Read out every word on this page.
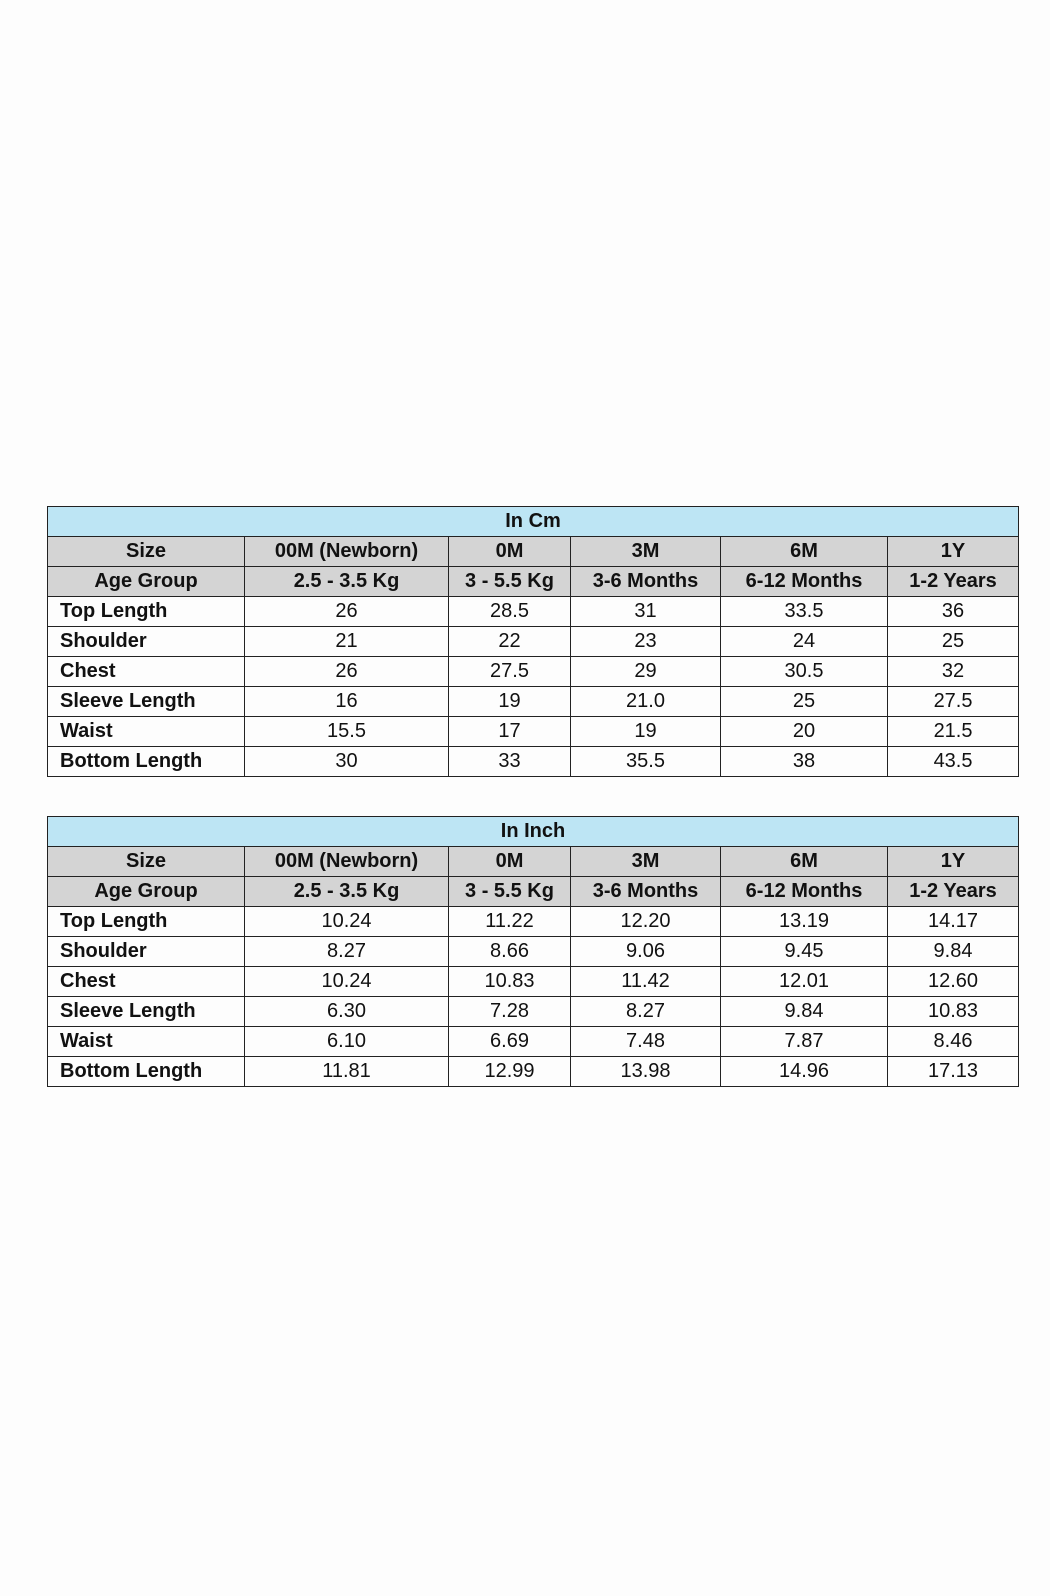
In Cm					
Size	00M (Newborn)	0M	3M	6M	1Y
Age Group	2.5 - 3.5 Kg	3 - 5.5 Kg	3-6 Months	6-12 Months	1-2 Years
Top Length	26	28.5	31	33.5	36
Shoulder	21	22	23	24	25
Chest	26	27.5	29	30.5	32
Sleeve Length	16	19	21.0	25	27.5
Waist	15.5	17	19	20	21.5
Bottom Length	30	33	35.5	38	43.5
In Inch					
Size	00M (Newborn)	0M	3M	6M	1Y
Age Group	2.5 - 3.5 Kg	3 - 5.5 Kg	3-6 Months	6-12 Months	1-2 Years
Top Length	10.24	11.22	12.20	13.19	14.17
Shoulder	8.27	8.66	9.06	9.45	9.84
Chest	10.24	10.83	11.42	12.01	12.60
Sleeve Length	6.30	7.28	8.27	9.84	10.83
Waist	6.10	6.69	7.48	7.87	8.46
Bottom Length	11.81	12.99	13.98	14.96	17.13
